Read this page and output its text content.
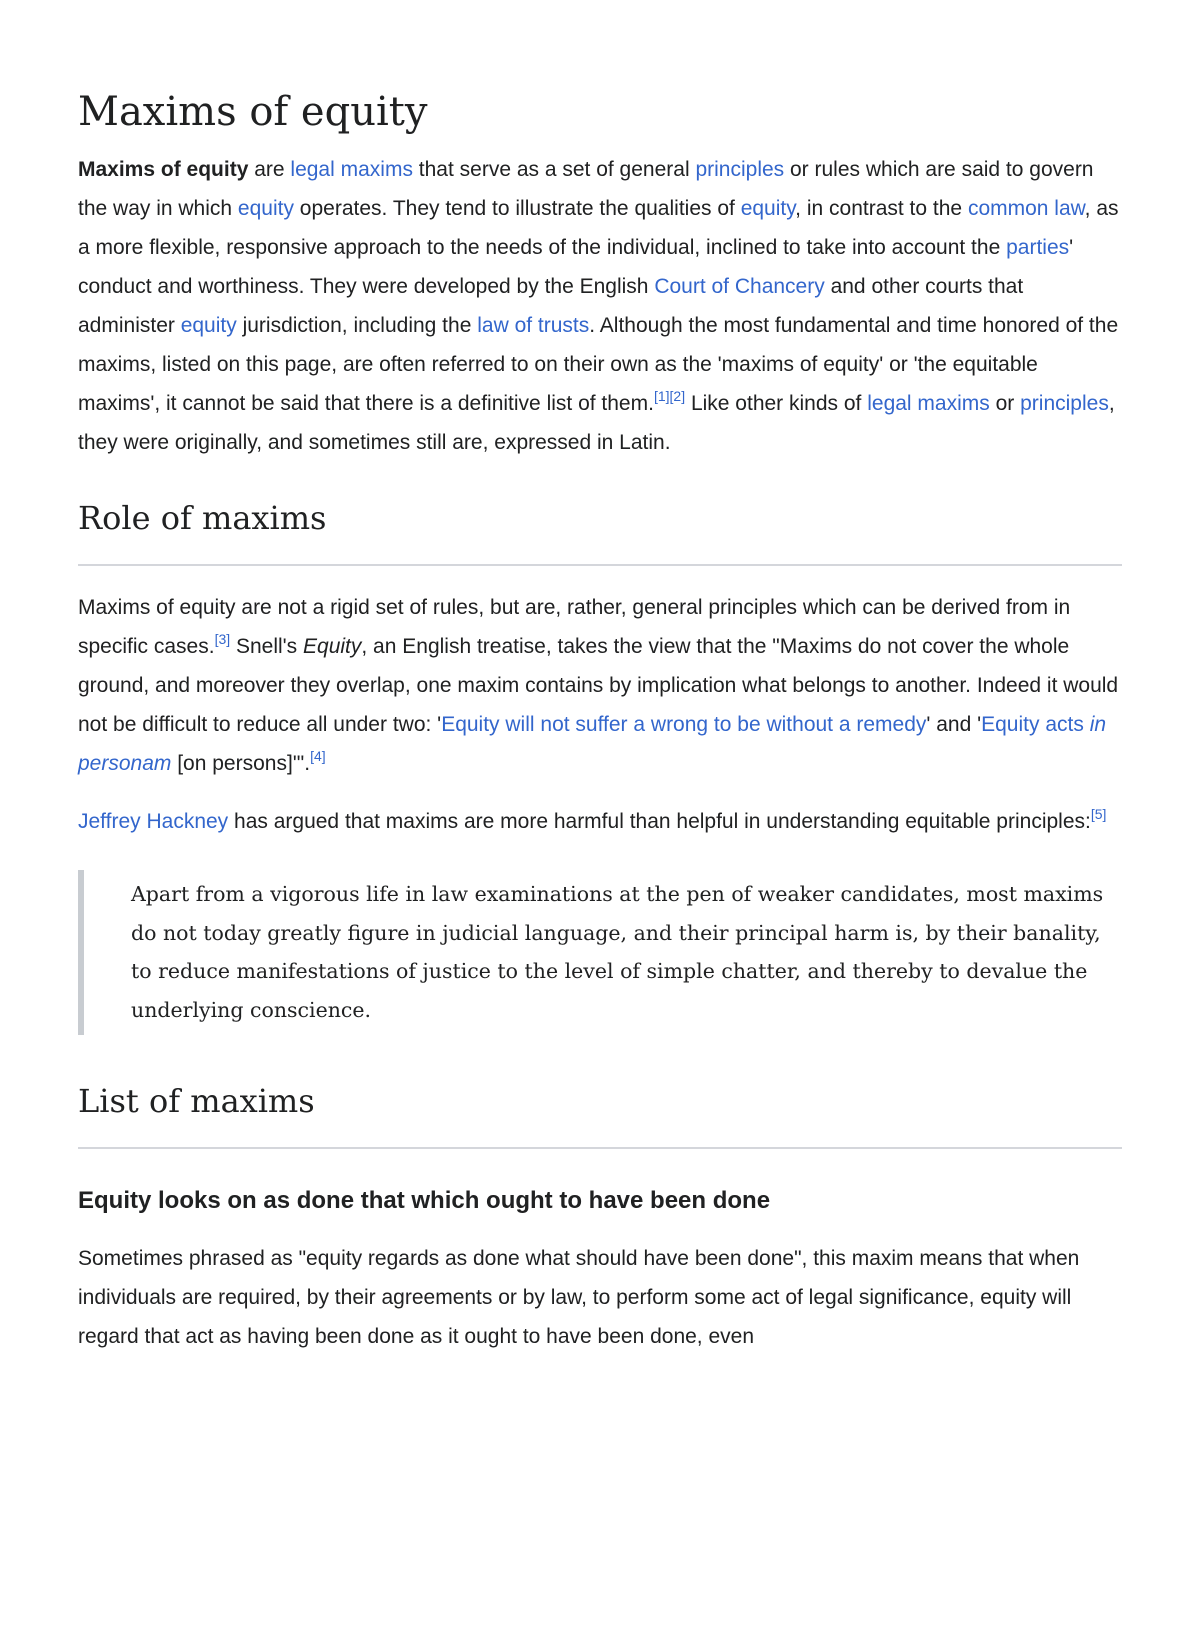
Maxims of equity

Maxims of equity are legal maxims that serve as a set of general principles or rules which are said to govern the way in which equity operates. They tend to illustrate the qualities of equity, in contrast to the common law, as a more flexible, responsive approach to the needs of the individual, inclined to take into account the parties' conduct and worthiness. They were developed by the English Court of Chancery and other courts that administer equity jurisdiction, including the law of trusts. Although the most fundamental and time honored of the maxims, listed on this page, are often referred to on their own as the 'maxims of equity' or 'the equitable maxims', it cannot be said that there is a definitive list of them.[1][2] Like other kinds of legal maxims or principles, they were originally, and sometimes still are, expressed in Latin.

Role of maxims

Maxims of equity are not a rigid set of rules, but are, rather, general principles which can be derived from in specific cases.[3] Snell's Equity, an English treatise, takes the view that the "Maxims do not cover the whole ground, and moreover they overlap, one maxim contains by implication what belongs to another. Indeed it would not be difficult to reduce all under two: 'Equity will not suffer a wrong to be without a remedy' and 'Equity acts in personam [on persons]'".[4]

Jeffrey Hackney has argued that maxims are more harmful than helpful in understanding equitable principles:[5]

Apart from a vigorous life in law examinations at the pen of weaker candidates, most maxims do not today greatly figure in judicial language, and their principal harm is, by their banality, to reduce manifestations of justice to the level of simple chatter, and thereby to devalue the underlying conscience.

List of maxims
Equity looks on as done that which ought to have been done

Sometimes phrased as "equity regards as done what should have been done", this maxim means that when individuals are required, by their agreements or by law, to perform some act of legal significance, equity will regard that act as having been done as it ought to have been done, even
